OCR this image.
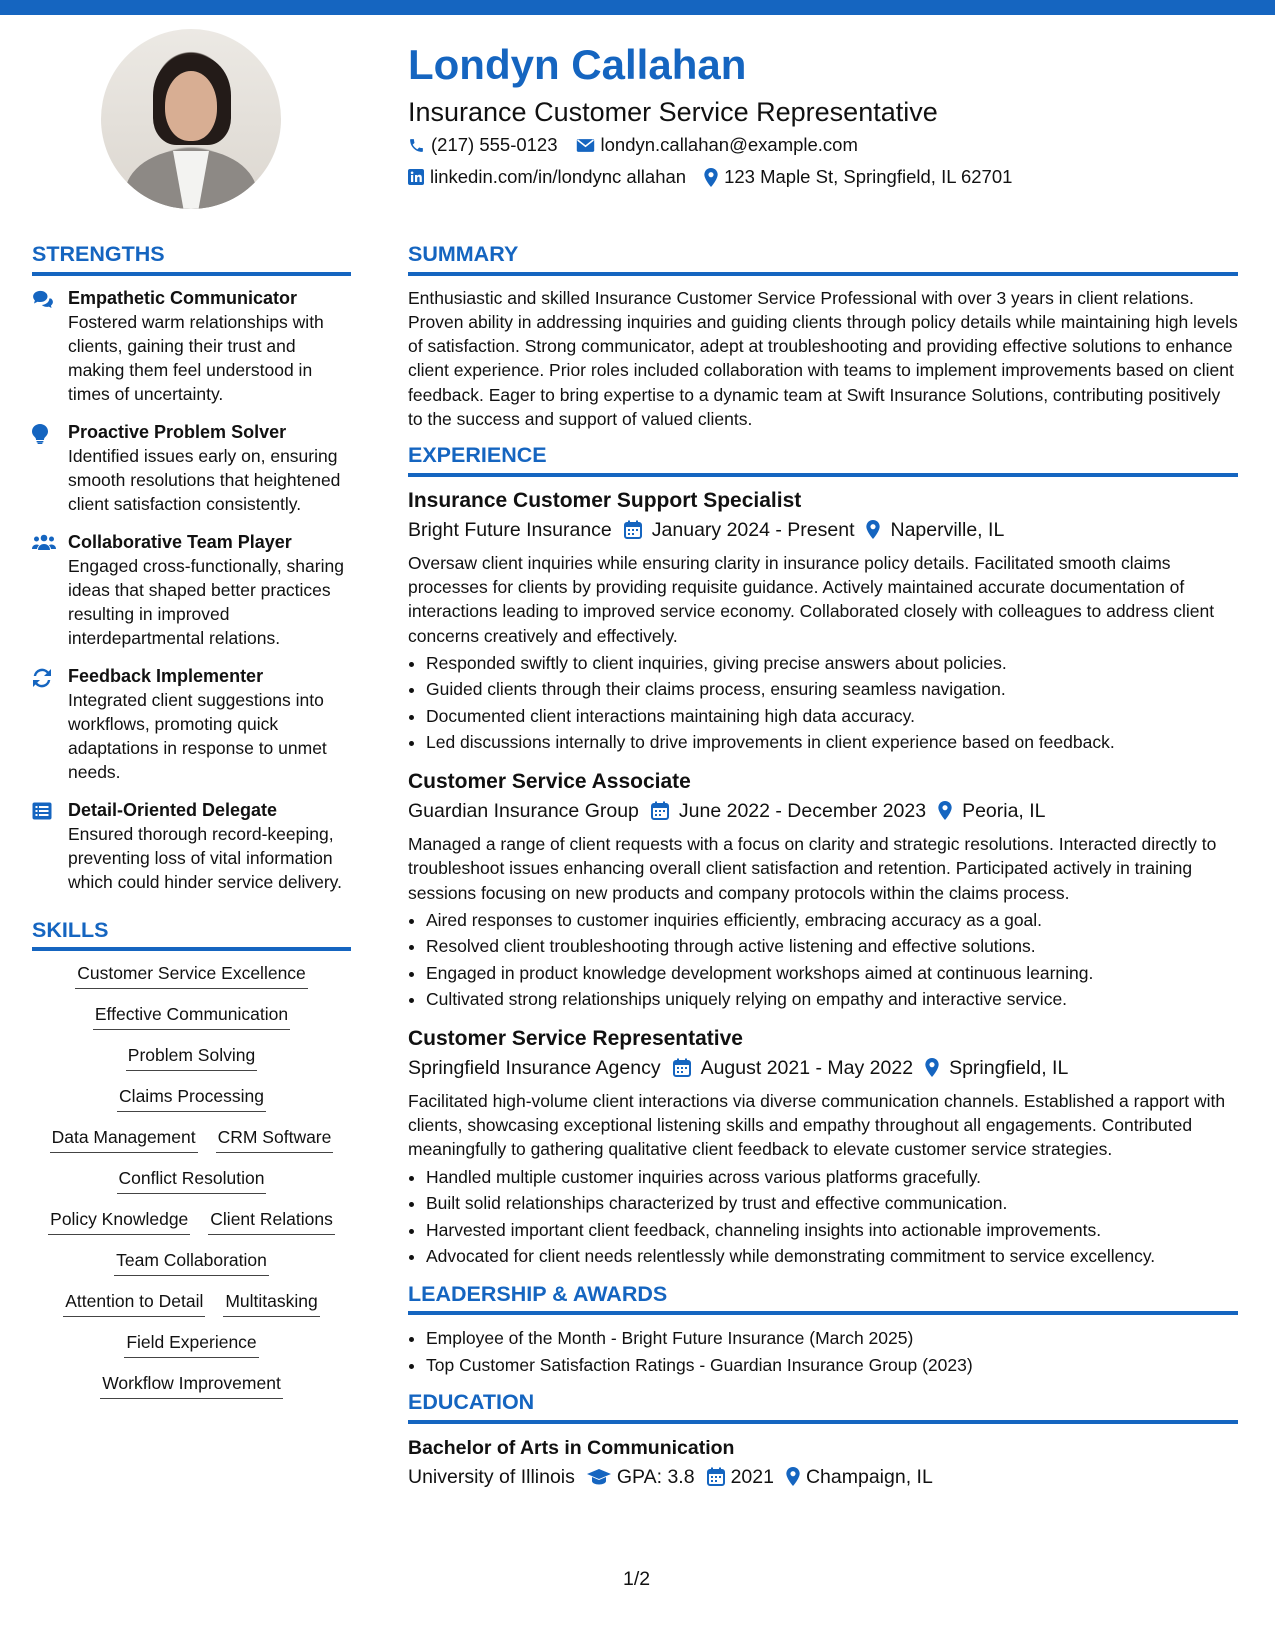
Londyn Callahan
Insurance Customer Service Representative
(217) 555-0123 londyn.callahan@example.com
linkedin.com/in/londync allahan 123 Maple St, Springfield, IL 62701
STRENGTHS
Empathetic Communicator
Fostered warm relationships with clients, gaining their trust and making them feel understood in times of uncertainty.
Proactive Problem Solver
Identified issues early on, ensuring smooth resolutions that heightened client satisfaction consistently.
Collaborative Team Player
Engaged cross-functionally, sharing ideas that shaped better practices resulting in improved interdepartmental relations.
Feedback Implementer
Integrated client suggestions into workflows, promoting quick adaptations in response to unmet needs.
Detail-Oriented Delegate
Ensured thorough record-keeping, preventing loss of vital information which could hinder service delivery.
SKILLS
Customer Service Excellence
Effective Communication
Problem Solving
Claims Processing
Data Management CRM Software
Conflict Resolution
Policy Knowledge Client Relations
Team Collaboration
Attention to Detail Multitasking
Field Experience
Workflow Improvement
SUMMARY
Enthusiastic and skilled Insurance Customer Service Professional with over 3 years in client relations. Proven ability in addressing inquiries and guiding clients through policy details while maintaining high levels of satisfaction. Strong communicator, adept at troubleshooting and providing effective solutions to enhance client experience. Prior roles included collaboration with teams to implement improvements based on client feedback. Eager to bring expertise to a dynamic team at Swift Insurance Solutions, contributing positively to the success and support of valued clients.
EXPERIENCE
Insurance Customer Support Specialist
Bright Future Insurance January 2024 - Present Naperville, IL
Oversaw client inquiries while ensuring clarity in insurance policy details. Facilitated smooth claims processes for clients by providing requisite guidance. Actively maintained accurate documentation of interactions leading to improved service economy. Collaborated closely with colleagues to address client concerns creatively and effectively.
• Responded swiftly to client inquiries, giving precise answers about policies.
• Guided clients through their claims process, ensuring seamless navigation.
• Documented client interactions maintaining high data accuracy.
• Led discussions internally to drive improvements in client experience based on feedback.
Customer Service Associate
Guardian Insurance Group June 2022 - December 2023 Peoria, IL
Managed a range of client requests with a focus on clarity and strategic resolutions. Interacted directly to troubleshoot issues enhancing overall client satisfaction and retention. Participated actively in training sessions focusing on new products and company protocols within the claims process.
• Aired responses to customer inquiries efficiently, embracing accuracy as a goal.
• Resolved client troubleshooting through active listening and effective solutions.
• Engaged in product knowledge development workshops aimed at continuous learning.
• Cultivated strong relationships uniquely relying on empathy and interactive service.
Customer Service Representative
Springfield Insurance Agency August 2021 - May 2022 Springfield, IL
Facilitated high-volume client interactions via diverse communication channels. Established a rapport with clients, showcasing exceptional listening skills and empathy throughout all engagements. Contributed meaningfully to gathering qualitative client feedback to elevate customer service strategies.
• Handled multiple customer inquiries across various platforms gracefully.
• Built solid relationships characterized by trust and effective communication.
• Harvested important client feedback, channeling insights into actionable improvements.
• Advocated for client needs relentlessly while demonstrating commitment to service excellency.
LEADERSHIP & AWARDS
• Employee of the Month - Bright Future Insurance (March 2025)
• Top Customer Satisfaction Ratings - Guardian Insurance Group (2023)
EDUCATION
Bachelor of Arts in Communication
University of Illinois GPA: 3.8 2021 Champaign, IL
1/2
